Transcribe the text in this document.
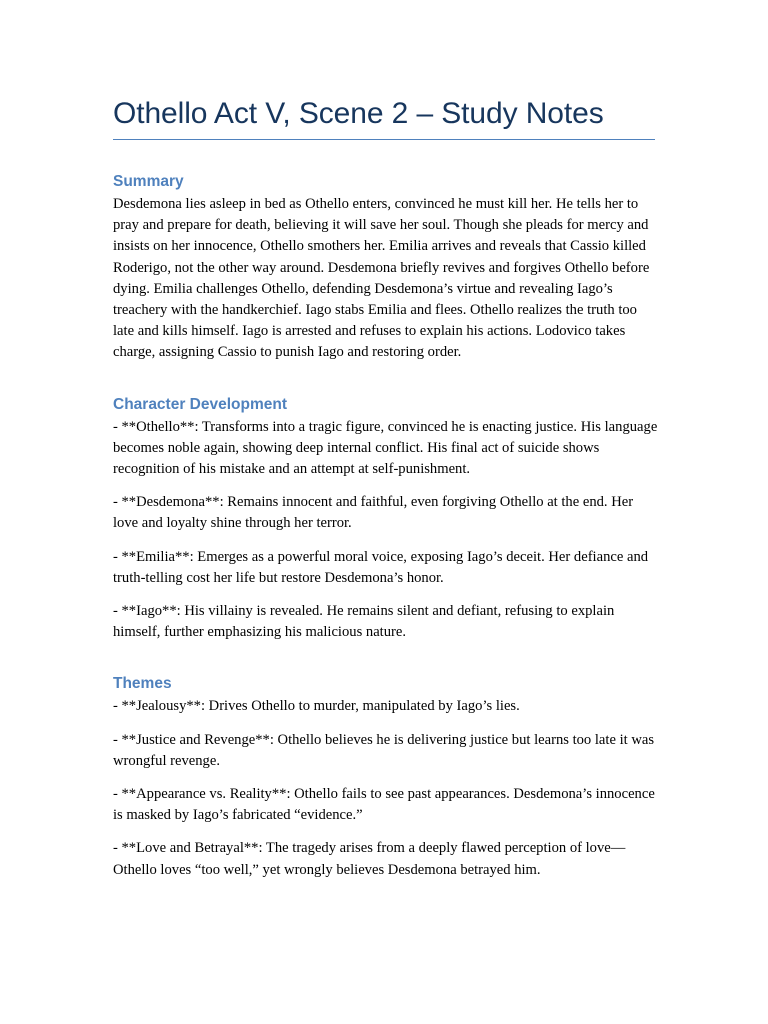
Othello Act V, Scene 2 – Study Notes
Summary

Desdemona lies asleep in bed as Othello enters, convinced he must kill her. He tells her to pray and prepare for death, believing it will save her soul. Though she pleads for mercy and insists on her innocence, Othello smothers her. Emilia arrives and reveals that Cassio killed Roderigo, not the other way around. Desdemona briefly revives and forgives Othello before dying. Emilia challenges Othello, defending Desdemona’s virtue and revealing Iago’s treachery with the handkerchief. Iago stabs Emilia and flees. Othello realizes the truth too late and kills himself. Iago is arrested and refuses to explain his actions. Lodovico takes charge, assigning Cassio to punish Iago and restoring order.

Character Development

- **Othello**: Transforms into a tragic figure, convinced he is enacting justice. His language becomes noble again, showing deep internal conflict. His final act of suicide shows recognition of his mistake and an attempt at self-punishment.

- **Desdemona**: Remains innocent and faithful, even forgiving Othello at the end. Her love and loyalty shine through her terror.

- **Emilia**: Emerges as a powerful moral voice, exposing Iago’s deceit. Her defiance and truth-telling cost her life but restore Desdemona’s honor.

- **Iago**: His villainy is revealed. He remains silent and defiant, refusing to explain himself, further emphasizing his malicious nature.

Themes

- **Jealousy**: Drives Othello to murder, manipulated by Iago’s lies.

- **Justice and Revenge**: Othello believes he is delivering justice but learns too late it was wrongful revenge.

- **Appearance vs. Reality**: Othello fails to see past appearances. Desdemona’s innocence is masked by Iago’s fabricated “evidence.”

- **Love and Betrayal**: The tragedy arises from a deeply flawed perception of love—Othello loves “too well,” yet wrongly believes Desdemona betrayed him.
